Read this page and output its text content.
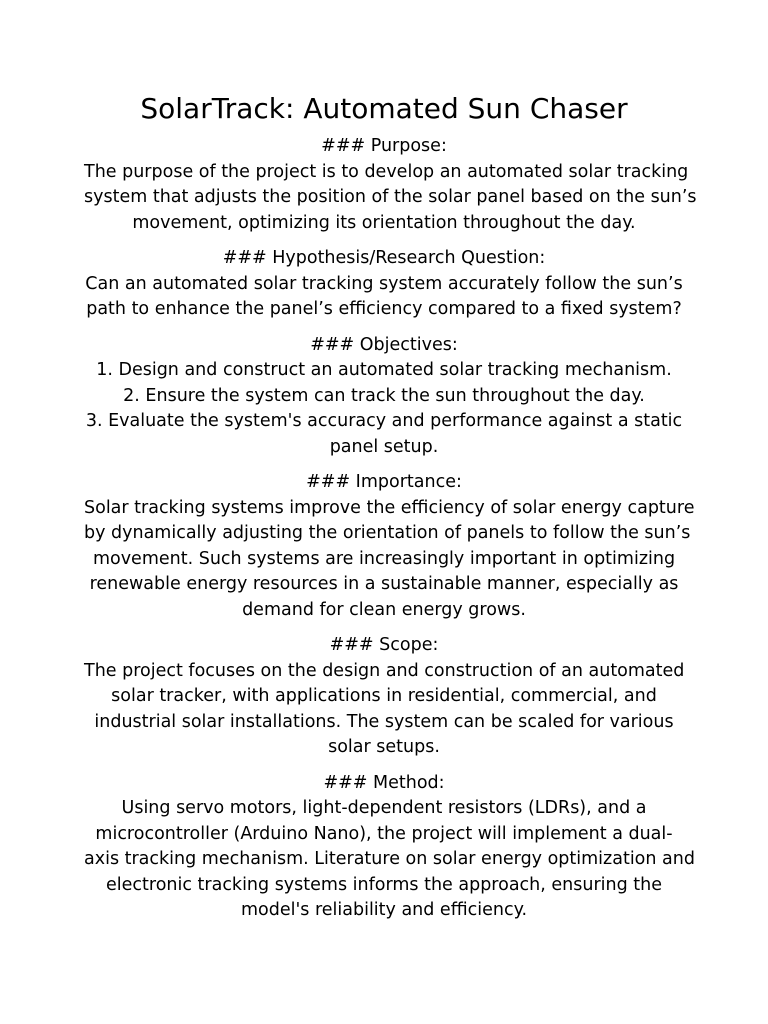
SolarTrack: Automated Sun Chaser

### Purpose:

The purpose of the project is to develop an automated solar tracking

system that adjusts the position of the solar panel based on the sun’s

movement, optimizing its orientation throughout the day.

### Hypothesis/Research Question:

Can an automated solar tracking system accurately follow the sun’s

path to enhance the panel’s efficiency compared to a fixed system?

### Objectives:

1. Design and construct an automated solar tracking mechanism.

2. Ensure the system can track the sun throughout the day.

3. Evaluate the system's accuracy and performance against a static

panel setup.

### Importance:

Solar tracking systems improve the efficiency of solar energy capture

by dynamically adjusting the orientation of panels to follow the sun’s

movement. Such systems are increasingly important in optimizing

renewable energy resources in a sustainable manner, especially as

demand for clean energy grows.

### Scope:

The project focuses on the design and construction of an automated

solar tracker, with applications in residential, commercial, and

industrial solar installations. The system can be scaled for various

solar setups.

### Method:

Using servo motors, light-dependent resistors (LDRs), and a

microcontroller (Arduino Nano), the project will implement a dual-

axis tracking mechanism. Literature on solar energy optimization and

electronic tracking systems informs the approach, ensuring the

model's reliability and efficiency.
